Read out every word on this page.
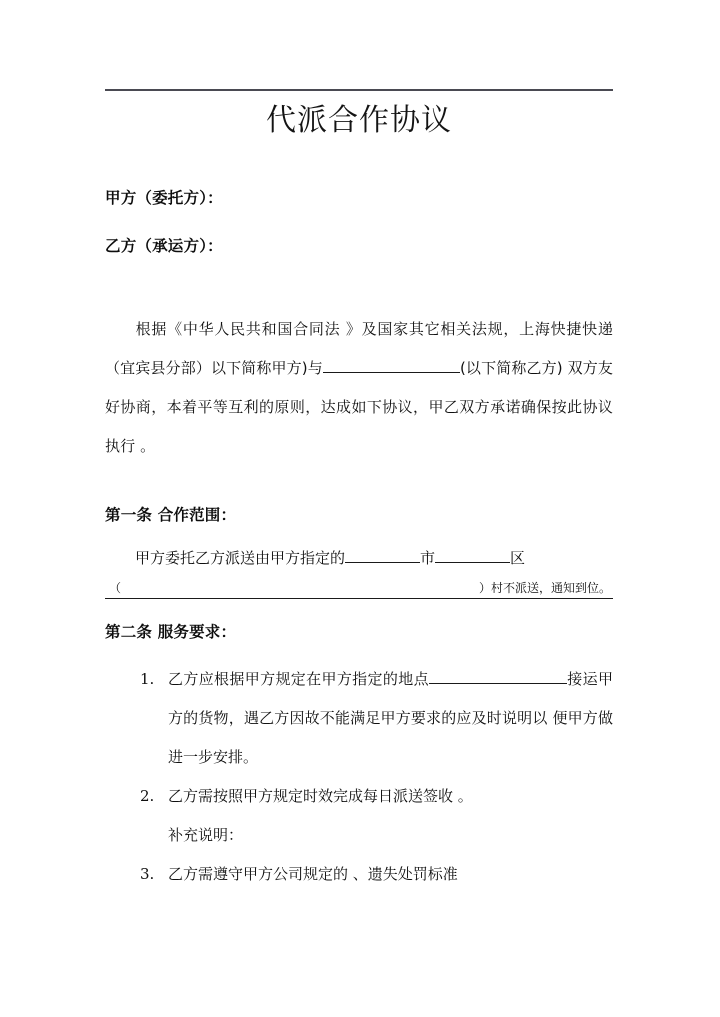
代派合作协议
甲方（委托方）：
乙方（承运方）：
根据《中华人民共和国合同法 》及国家其它相关法规，上海快捷快递（宜宾县分部）以下简称甲方)与	(以下简称乙方) 双方友好协商，本着平等互利的原则，达成如下协议，甲乙双方承诺确保按此协议执行 。
第一条 合作范围：
甲方委托乙方派送由甲方指定的	市	区
（	）村不派送，通知到位。
第二条 服务要求：
1. 乙方应根据甲方规定在甲方指定的地点	接运甲方的货物，遇乙方因故不能满足甲方要求的应及时说明以 便甲方做进一步安排。
2. 乙方需按照甲方规定时效完成每日派送签收 。
补充说明：
3. 乙方需遵守甲方公司规定的 、遗失处罚标准
